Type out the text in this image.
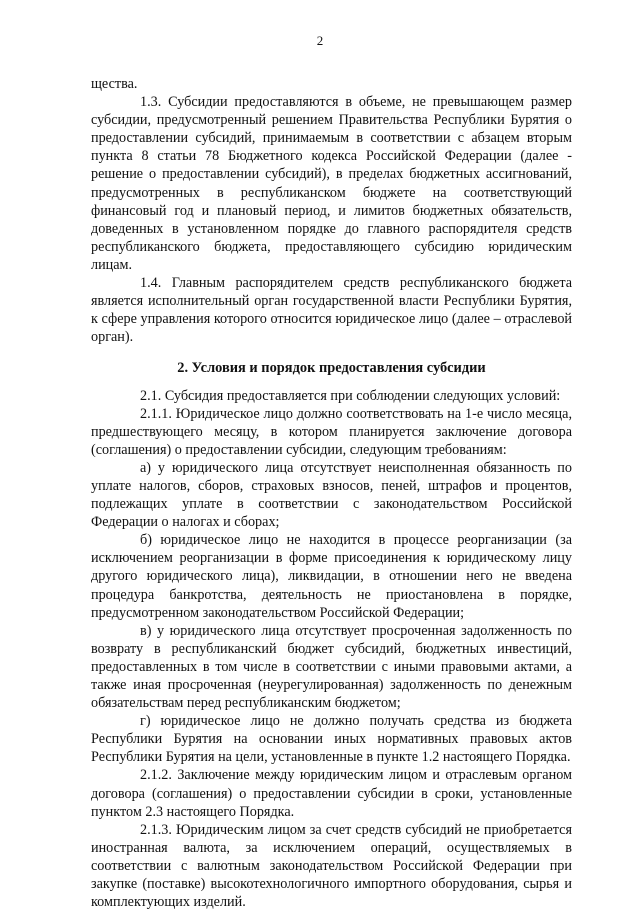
2

щества.

1.3. Субсидии предоставляются в объеме, не превышающем размер субсидии, предусмотренный решением Правительства Республики Бурятия о предоставлении субсидий, принимаемым в соответствии с абзацем вторым пункта 8 статьи 78 Бюджетного кодекса Российской Федерации (далее - решение о предоставлении субсидий), в пределах бюджетных ассигнований, предусмотренных в республиканском бюджете на соответствующий финансовый год и плановый период, и лимитов бюджетных обязательств, доведенных в установленном порядке до главного распорядителя средств республиканского бюджета, предоставляющего субсидию юридическим лицам.

1.4. Главным распорядителем средств республиканского бюджета является исполнительный орган государственной власти Республики Бурятия, к сфере управления которого относится юридическое лицо (далее – отраслевой орган).

2. Условия и порядок предоставления субсидии

2.1. Субсидия предоставляется при соблюдении следующих условий:

2.1.1. Юридическое лицо должно соответствовать на 1-е число месяца, предшествующего месяцу, в котором планируется заключение договора (соглашения) о предоставлении субсидии, следующим требованиям:

а) у юридического лица отсутствует неисполненная обязанность по уплате налогов, сборов, страховых взносов, пеней, штрафов и процентов, подлежащих уплате в соответствии с законодательством Российской Федерации о налогах и сборах;

б) юридическое лицо не находится в процессе реорганизации (за исключением реорганизации в форме присоединения к юридическому лицу другого юридического лица), ликвидации, в отношении него не введена процедура банкротства, деятельность не приостановлена в порядке, предусмотренном законодательством Российской Федерации;

в) у юридического лица отсутствует просроченная задолженность по возврату в республиканский бюджет субсидий, бюджетных инвестиций, предоставленных в том числе в соответствии с иными правовыми актами, а также иная просроченная (неурегулированная) задолженность по денежным обязательствам перед республиканским бюджетом;

г) юридическое лицо не должно получать средства из бюджета Республики Бурятия на основании иных нормативных правовых актов Республики Бурятия на цели, установленные в пункте 1.2 настоящего Порядка.

2.1.2. Заключение между юридическим лицом и отраслевым органом договора (соглашения) о предоставлении субсидии в сроки, установленные пунктом 2.3 настоящего Порядка.

2.1.3. Юридическим лицом за счет средств субсидий не приобретается иностранная валюта, за исключением операций, осуществляемых в соответствии с валютным законодательством Российской Федерации при закупке (поставке) высокотехнологичного импортного оборудования, сырья и комплектующих изделий.
